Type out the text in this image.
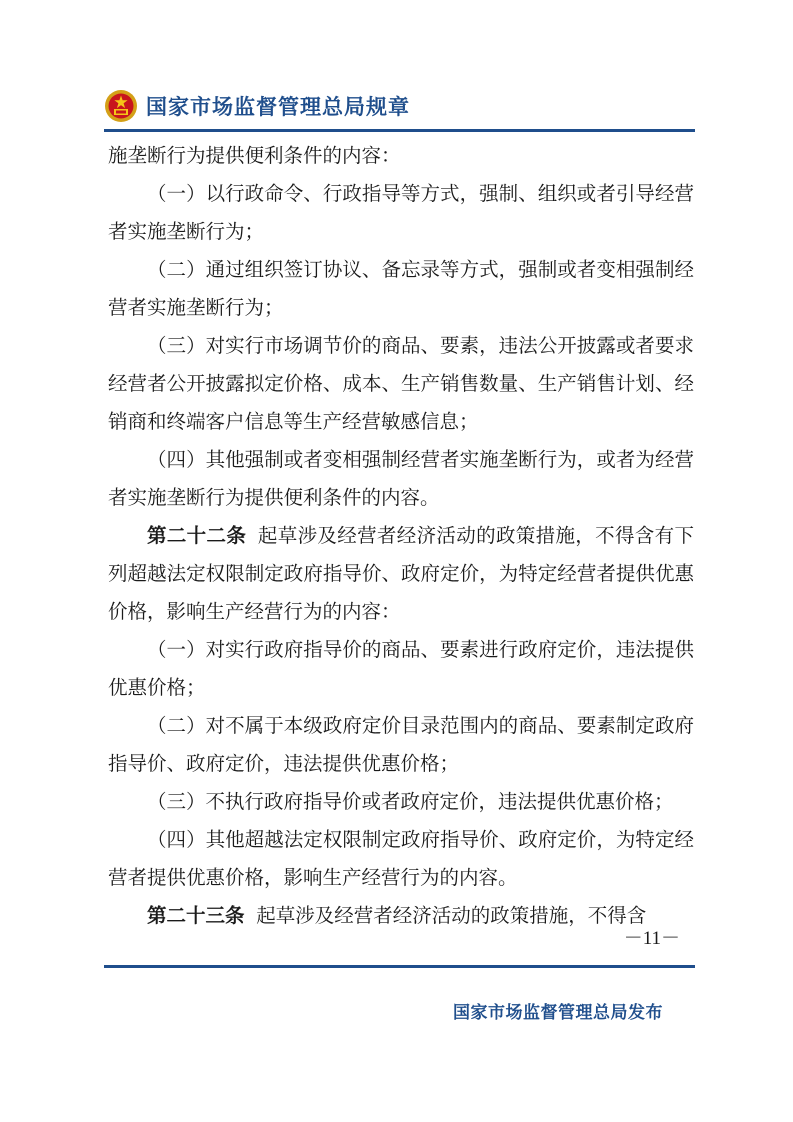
国家市场监督管理总局规章

施垄断行为提供便利条件的内容：

（一）以行政命令、行政指导等方式，强制、组织或者引导经营者实施垄断行为；

（二）通过组织签订协议、备忘录等方式，强制或者变相强制经营者实施垄断行为；

（三）对实行市场调节价的商品、要素，违法公开披露或者要求经营者公开披露拟定价格、成本、生产销售数量、生产销售计划、经销商和终端客户信息等生产经营敏感信息；

（四）其他强制或者变相强制经营者实施垄断行为，或者为经营者实施垄断行为提供便利条件的内容。

第二十二条 起草涉及经营者经济活动的政策措施，不得含有下列超越法定权限制定政府指导价、政府定价，为特定经营者提供优惠价格，影响生产经营行为的内容：

（一）对实行政府指导价的商品、要素进行政府定价，违法提供优惠价格；

（二）对不属于本级政府定价目录范围内的商品、要素制定政府指导价、政府定价，违法提供优惠价格；

（三）不执行政府指导价或者政府定价，违法提供优惠价格；

（四）其他超越法定权限制定政府指导价、政府定价，为特定经营者提供优惠价格，影响生产经营行为的内容。

第二十三条 起草涉及经营者经济活动的政策措施，不得含

－11－
国家市场监督管理总局发布
